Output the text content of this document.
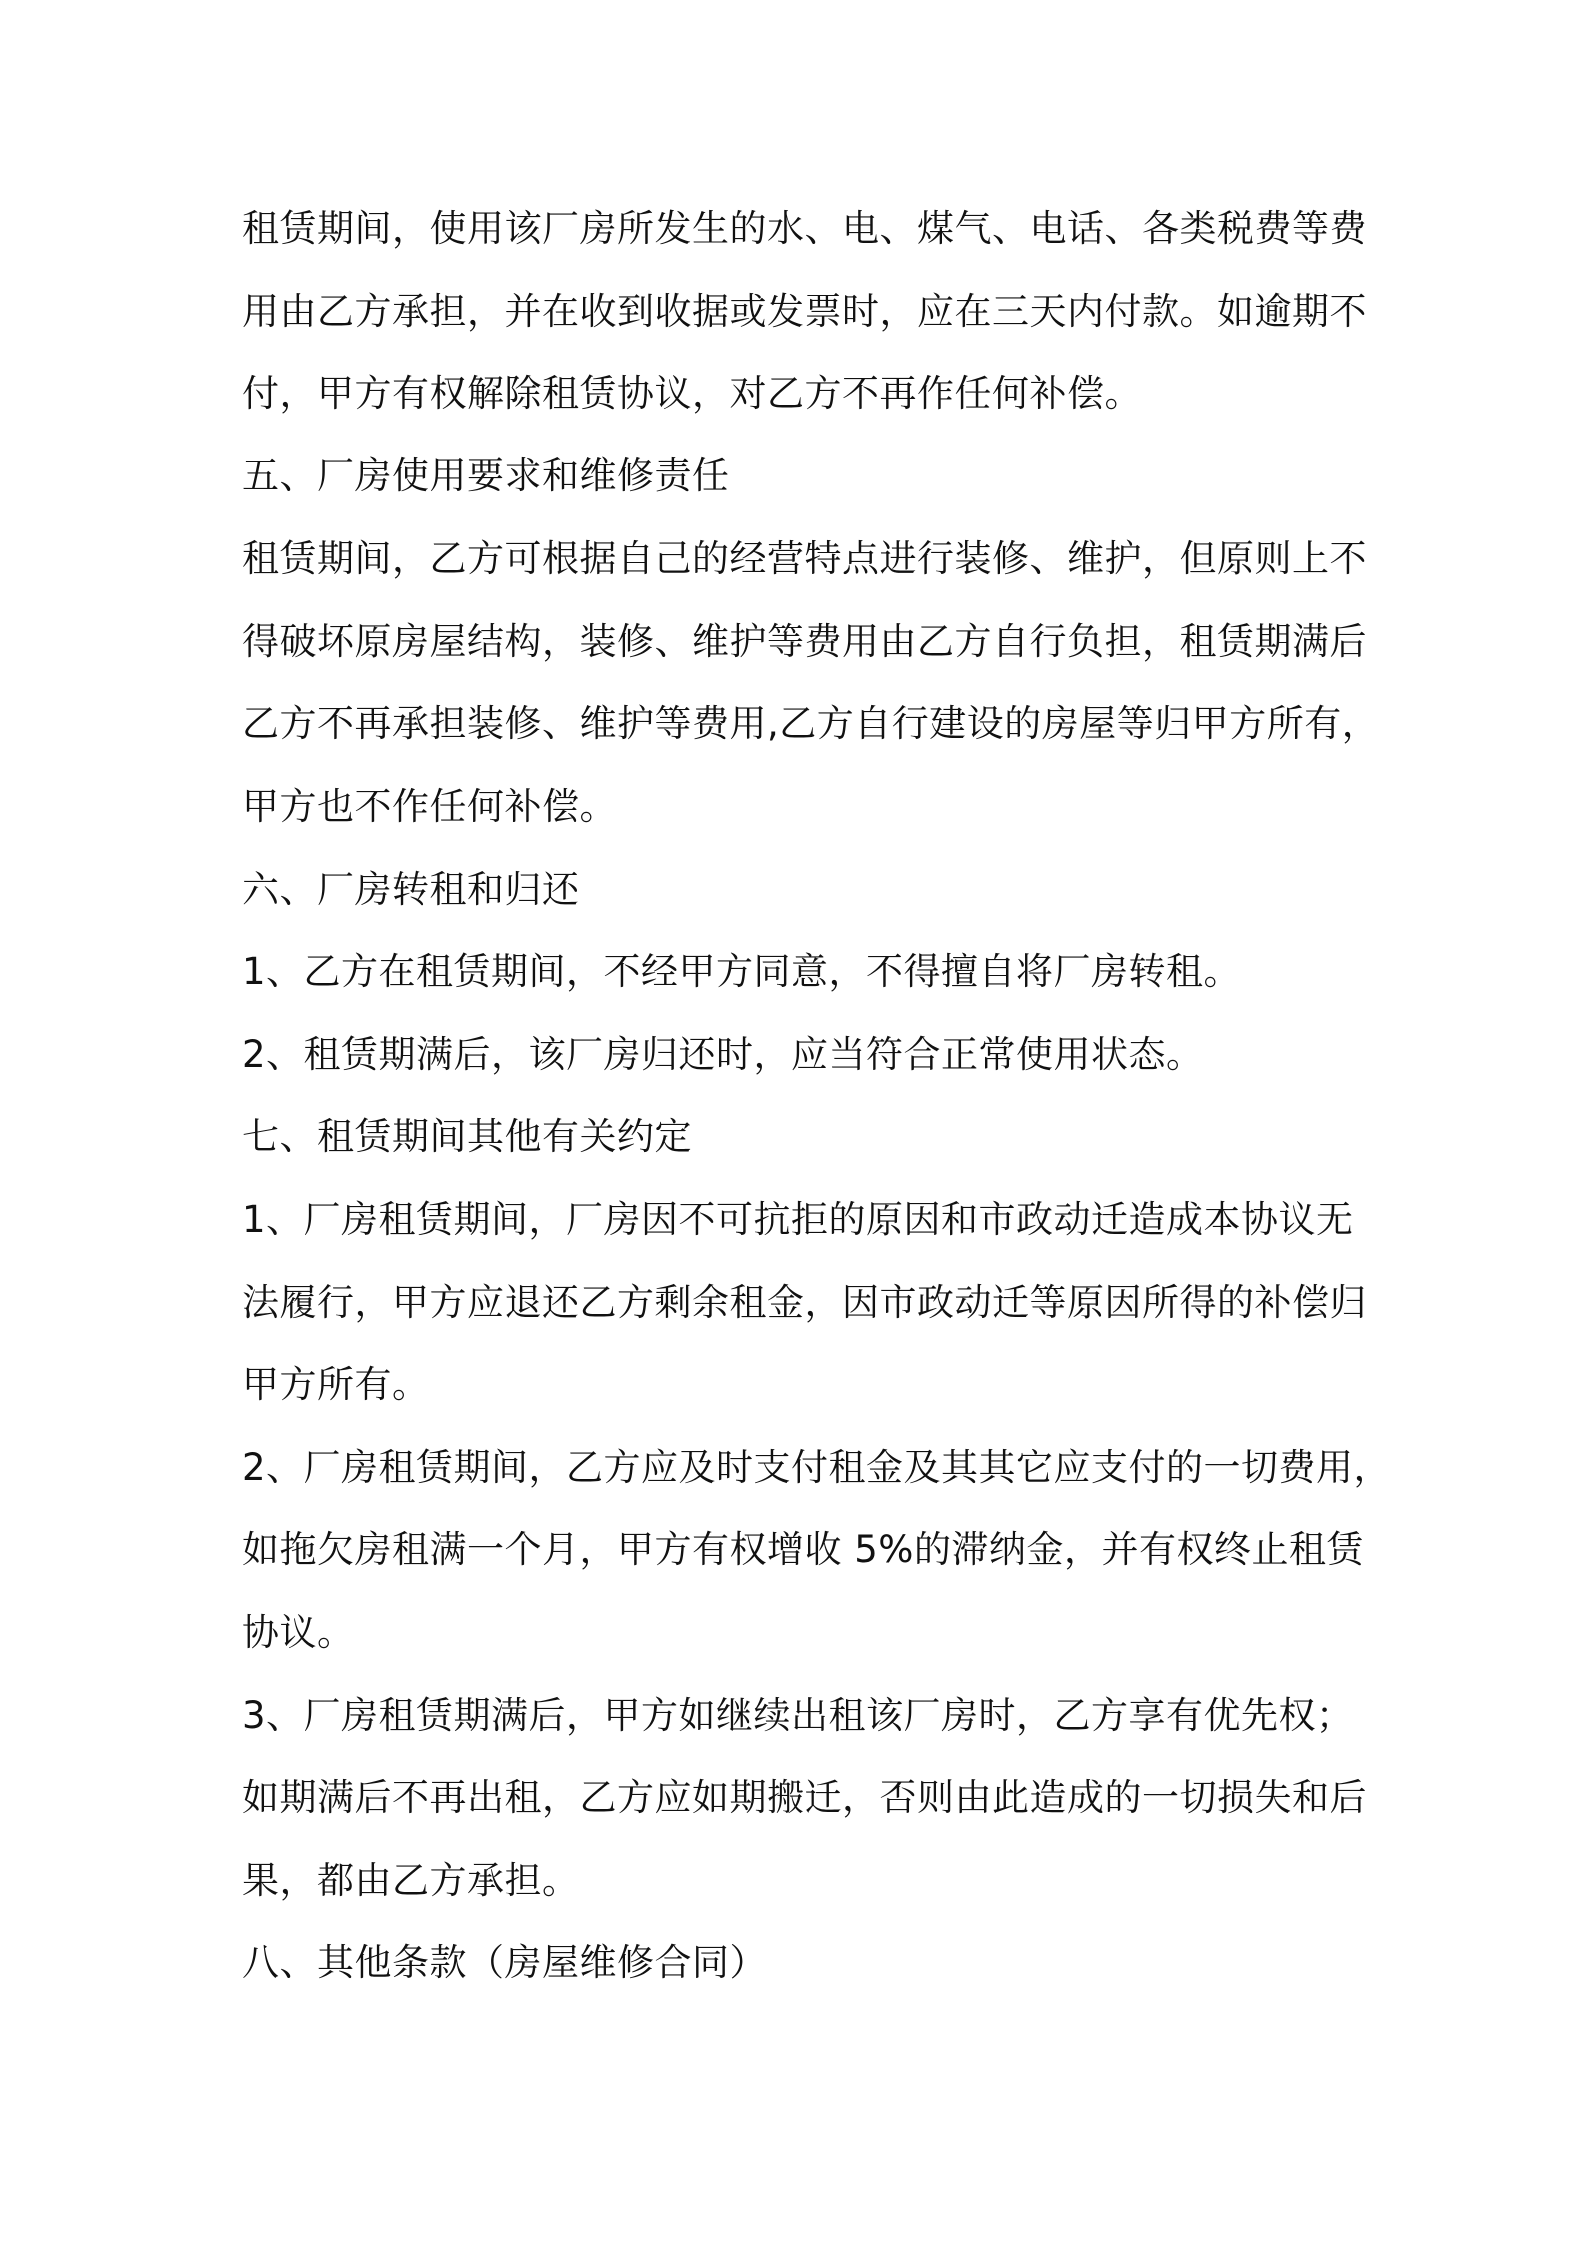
租赁期间，使用该厂房所发生的水、电、煤气、电话、各类税费等费
用由乙方承担，并在收到收据或发票时，应在三天内付款。如逾期不
付，甲方有权解除租赁协议，对乙方不再作任何补偿。
五、厂房使用要求和维修责任
租赁期间，乙方可根据自己的经营特点进行装修、维护，但原则上不
得破坏原房屋结构，装修、维护等费用由乙方自行负担，租赁期满后
乙方不再承担装修、维护等费用,乙方自行建设的房屋等归甲方所有，
甲方也不作任何补偿。
六、厂房转租和归还
1、乙方在租赁期间，不经甲方同意，不得擅自将厂房转租。
2、租赁期满后，该厂房归还时，应当符合正常使用状态。
七、租赁期间其他有关约定
1、厂房租赁期间，厂房因不可抗拒的原因和市政动迁造成本协议无
法履行，甲方应退还乙方剩余租金，因市政动迁等原因所得的补偿归
甲方所有。
2、厂房租赁期间，乙方应及时支付租金及其其它应支付的一切费用，
如拖欠房租满一个月，甲方有权增收 5%的滞纳金，并有权终止租赁
协议。
3、厂房租赁期满后，甲方如继续出租该厂房时，乙方享有优先权；
如期满后不再出租，乙方应如期搬迁，否则由此造成的一切损失和后
果，都由乙方承担。
八、其他条款（房屋维修合同）
